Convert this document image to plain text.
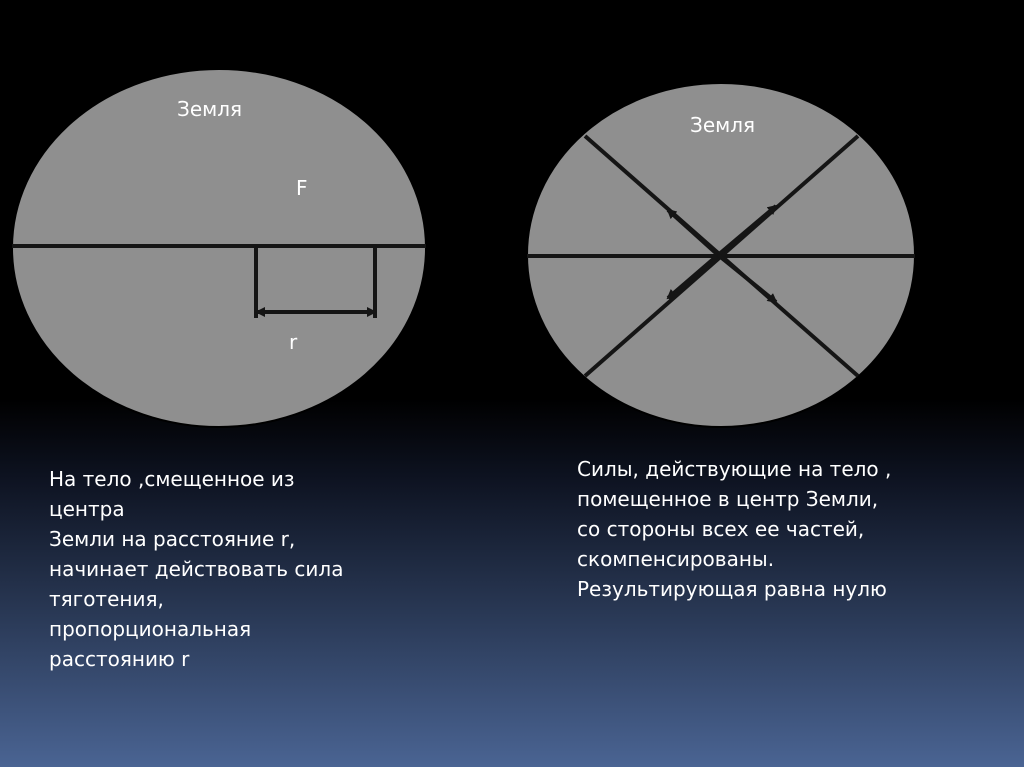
Земля
F
r
Земля
На тело ,смещенное из
центра
Земли на расстояние r,
начинает действовать сила
тяготения,
пропорциональная
расстоянию r
Силы, действующие на тело ,
помещенное в центр Земли,
со стороны всех ее частей,
скомпенсированы.
Результирующая равна нулю
